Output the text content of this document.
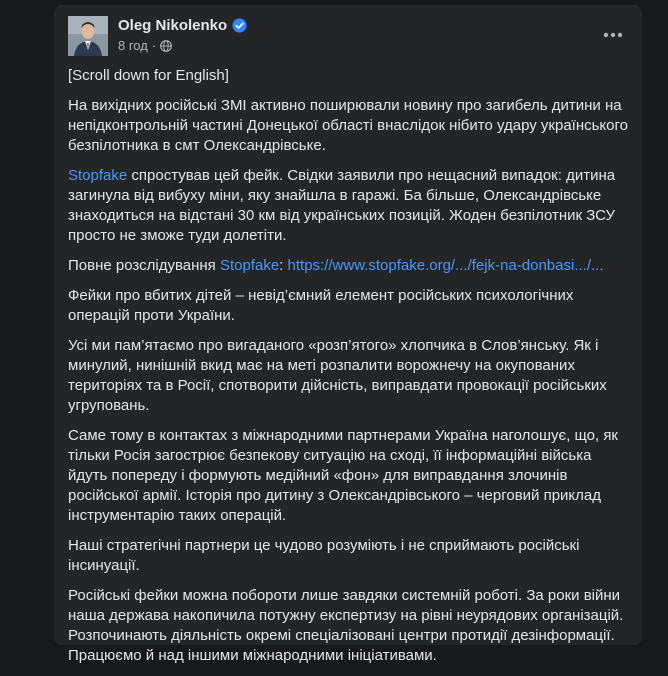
Oleg Nikolenko
8 год ·

[Scroll down for English]

На вихідних російські ЗМІ активно поширювали новину про загибель дитини на непідконтрольній частині Донецької області внаслідок нібито удару українського безпілотника в смт Олександрівське.

Stopfake спростував цей фейк. Свідки заявили про нещасний випадок: дитина загинула від вибуху міни, яку знайшла в гаражі. Ба більше, Олександрівське знаходиться на відстані 30 км від українських позицій. Жоден безпілотник ЗСУ просто не зможе туди долетіти.

Повне розслідування Stopfake: https://www.stopfake.org/.../fejk-na-donbasi.../...

Фейки про вбитих дітей – невід’ємний елемент російських психологічних операцій проти України.

Усі ми пам’ятаємо про вигаданого «розп’ятого» хлопчика в Слов’янську. Як і минулий, нинішній вкид має на меті розпалити ворожнечу на окупованих територіях та в Росії, спотворити дійсність, виправдати провокації російських угруповань.

Саме тому в контактах з міжнародними партнерами Україна наголошує, що, як тільки Росія загострює безпекову ситуацію на сході, її інформаційні війська йдуть попереду і формують медійний «фон» для виправдання злочинів російської армії. Історія про дитину з Олександрівського – черговий приклад інструментарію таких операцій.

Наші стратегічні партнери це чудово розуміють і не сприймають російські інсинуації.

Російські фейки можна побороти лише завдяки системній роботі. За роки війни наша держава накопичила потужну експертизу на рівні неурядових організацій. Розпочинають діяльність окремі спеціалізовані центри протидії дезінформації. Працюємо й над іншими міжнародними ініціативами.
